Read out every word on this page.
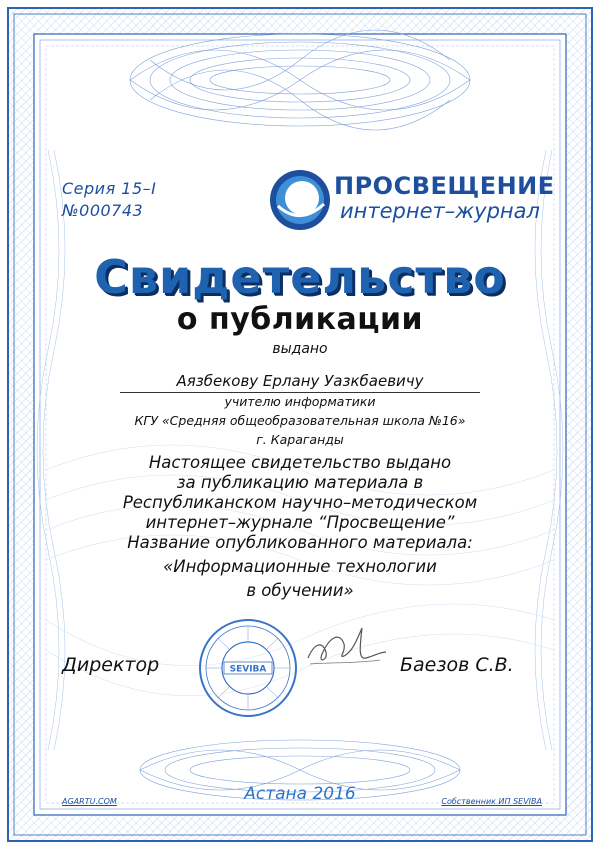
Серия 15–I
№000743
ПРОСВЕЩЕНИЕ
интернет–журнал
Свидетельство
о публикации
выдано
Аязбекову Ерлану Уазкбаевичу
учителю информатики
КГУ «Средняя общеобразовательная школа №16»
г. Караганды
Настоящее свидетельство выдано
за публикацию материала в
Республиканском научно–методическом
интернет–журнале “Просвещение”
Название опубликованного материала:
«Информационные технологии
в обучении»
Директор	SEVIBA	Баезов С.В.
Астана 2016
AGARTU.COM	Собственник ИП SEVIBA
